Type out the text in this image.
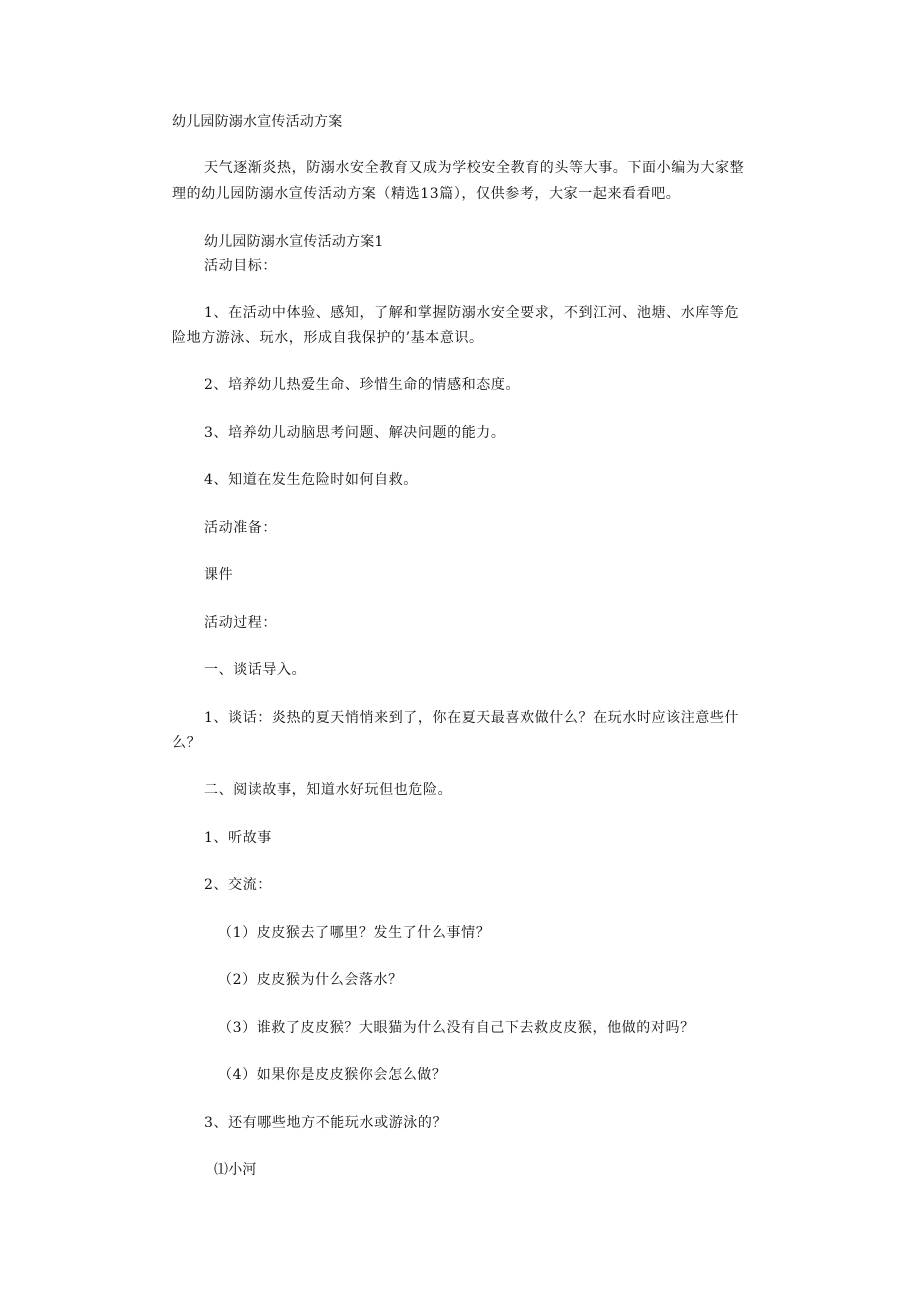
幼儿园防溺水宣传活动方案
天气逐渐炎热，防溺水安全教育又成为学校安全教育的头等大事。下面小编为大家整
理的幼儿园防溺水宣传活动方案（精选13篇），仅供参考，大家一起来看看吧。
幼儿园防溺水宣传活动方案1
活动目标：
1、在活动中体验、感知，了解和掌握防溺水安全要求，不到江河、池塘、水库等危
险地方游泳、玩水，形成自我保护的’基本意识。
2、培养幼儿热爱生命、珍惜生命的情感和态度。
3、培养幼儿动脑思考问题、解决问题的能力。
4、知道在发生危险时如何自救。
活动准备：
课件
活动过程：
一、谈话导入。
1、谈话：炎热的夏天悄悄来到了，你在夏天最喜欢做什么？在玩水时应该注意些什
么？
二、阅读故事，知道水好玩但也危险。
1、听故事
2、交流：
（1）皮皮猴去了哪里？发生了什么事情？
（2）皮皮猴为什么会落水？
（3）谁救了皮皮猴？大眼猫为什么没有自己下去救皮皮猴，他做的对吗？
（4）如果你是皮皮猴你会怎么做？
3、还有哪些地方不能玩水或游泳的？
⑴小河
